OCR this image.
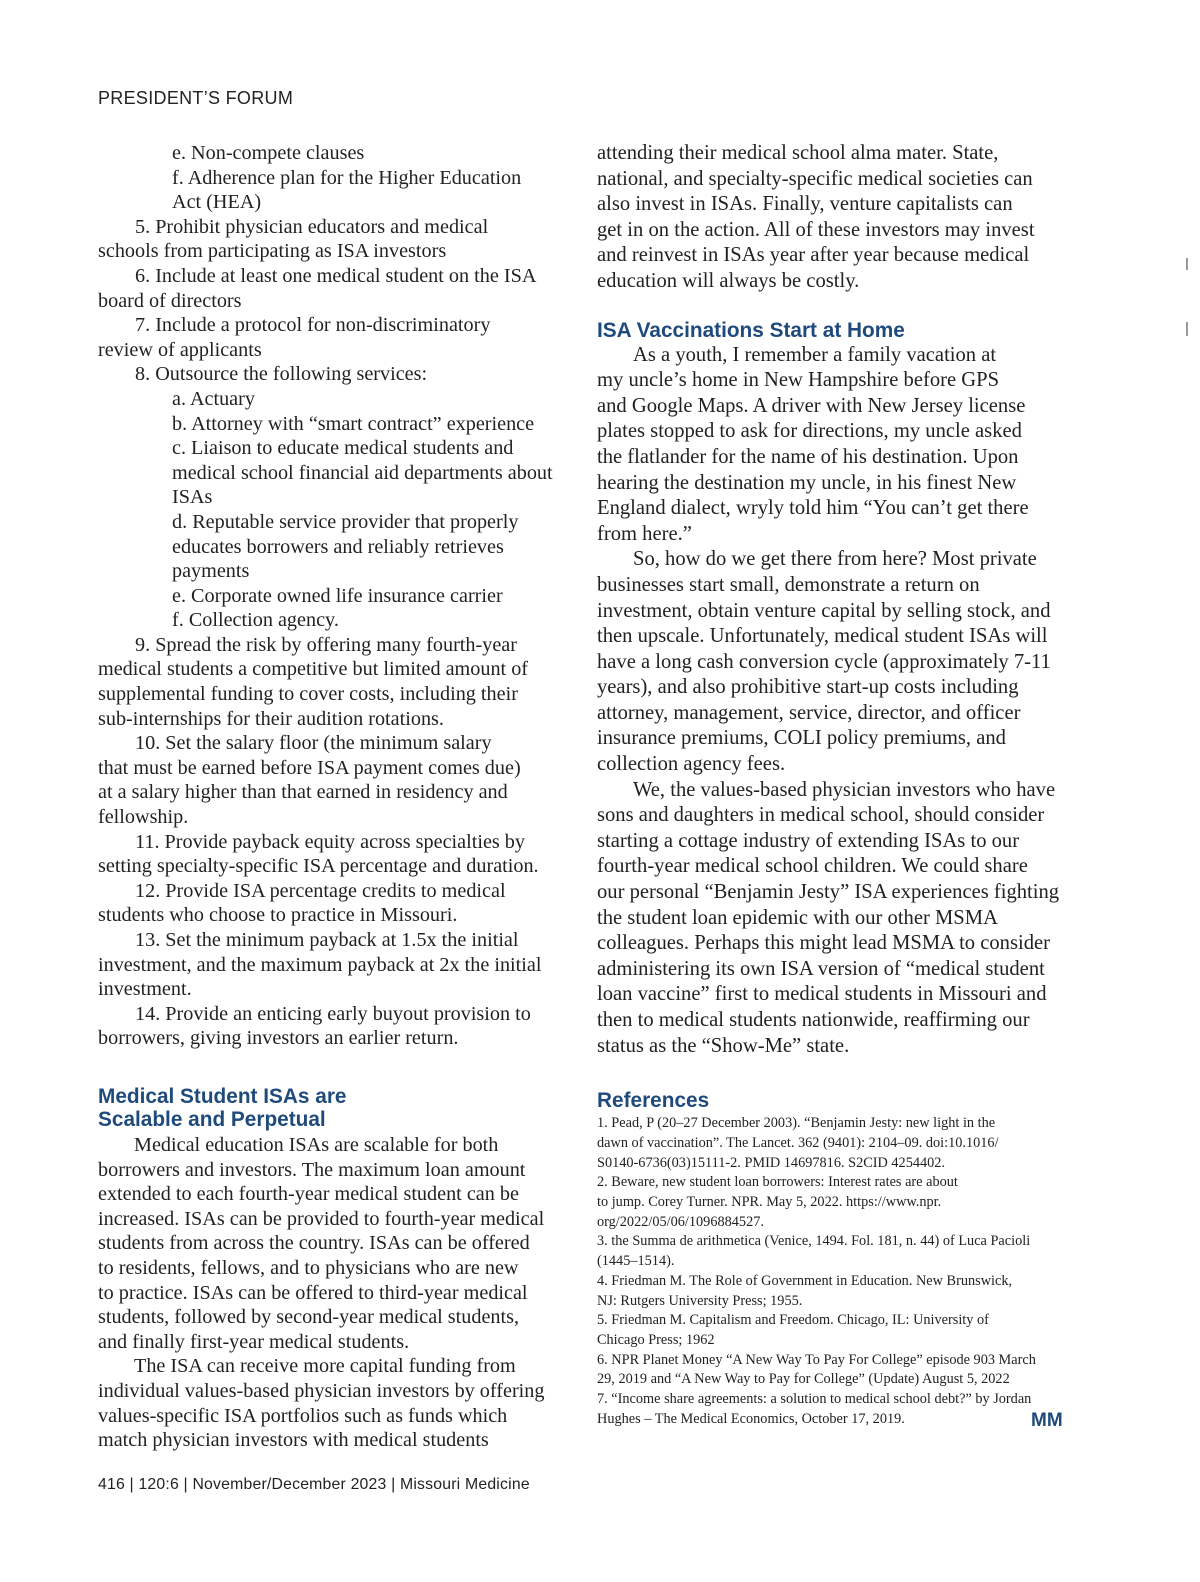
PRESIDENT’S FORUM

e. Non-compete clauses

f. Adherence plan for the Higher Education

Act (HEA)

5. Prohibit physician educators and medical

schools from participating as ISA investors

6. Include at least one medical student on the ISA

board of directors

7. Include a protocol for non-discriminatory

review of applicants

8. Outsource the following services:

a. Actuary

b. Attorney with “smart contract” experience

c. Liaison to educate medical students and

medical school financial aid departments about

ISAs

d. Reputable service provider that properly

educates borrowers and reliably retrieves

payments

e. Corporate owned life insurance carrier

f. Collection agency.

9. Spread the risk by offering many fourth-year

medical students a competitive but limited amount of

supplemental funding to cover costs, including their

sub-internships for their audition rotations.

10. Set the salary floor (the minimum salary

that must be earned before ISA payment comes due)

at a salary higher than that earned in residency and

fellowship.

11. Provide payback equity across specialties by

setting specialty-specific ISA percentage and duration.

12. Provide ISA percentage credits to medical

students who choose to practice in Missouri.

13. Set the minimum payback at 1.5x the initial

investment, and the maximum payback at 2x the initial

investment.

14. Provide an enticing early buyout provision to

borrowers, giving investors an earlier return.

Medical Student ISAs are
Scalable and Perpetual

Medical education ISAs are scalable for both

borrowers and investors. The maximum loan amount

extended to each fourth-year medical student can be

increased. ISAs can be provided to fourth-year medical

students from across the country. ISAs can be offered

to residents, fellows, and to physicians who are new

to practice. ISAs can be offered to third-year medical

students, followed by second-year medical students,

and finally first-year medical students.

The ISA can receive more capital funding from

individual values-based physician investors by offering

values-specific ISA portfolios such as funds which

match physician investors with medical students

attending their medical school alma mater. State,

national, and specialty-specific medical societies can

also invest in ISAs. Finally, venture capitalists can

get in on the action. All of these investors may invest

and reinvest in ISAs year after year because medical

education will always be costly.

ISA Vaccinations Start at Home

As a youth, I remember a family vacation at

my uncle’s home in New Hampshire before GPS

and Google Maps. A driver with New Jersey license

plates stopped to ask for directions, my uncle asked

the flatlander for the name of his destination. Upon

hearing the destination my uncle, in his finest New

England dialect, wryly told him “You can’t get there

from here.”

So, how do we get there from here? Most private

businesses start small, demonstrate a return on

investment, obtain venture capital by selling stock, and

then upscale. Unfortunately, medical student ISAs will

have a long cash conversion cycle (approximately 7-11

years), and also prohibitive start-up costs including

attorney, management, service, director, and officer

insurance premiums, COLI policy premiums, and

collection agency fees.

We, the values-based physician investors who have

sons and daughters in medical school, should consider

starting a cottage industry of extending ISAs to our

fourth-year medical school children. We could share

our personal “Benjamin Jesty” ISA experiences fighting

the student loan epidemic with our other MSMA

colleagues. Perhaps this might lead MSMA to consider

administering its own ISA version of “medical student

loan vaccine” first to medical students in Missouri and

then to medical students nationwide, reaffirming our

status as the “Show-Me” state.

References

1. Pead, P (20–27 December 2003). “Benjamin Jesty: new light in the

dawn of vaccination”. The Lancet. 362 (9401): 2104–09. doi:10.1016/

S0140-6736(03)15111-2. PMID 14697816. S2CID 4254402.

2. Beware, new student loan borrowers: Interest rates are about

to jump. Corey Turner. NPR. May 5, 2022. https://www.npr.

org/2022/05/06/1096884527.

3. the Summa de arithmetica (Venice, 1494. Fol. 181, n. 44) of Luca Pacioli

(1445–1514).

4. Friedman M. The Role of Government in Education. New Brunswick,

NJ: Rutgers University Press; 1955.

5. Friedman M. Capitalism and Freedom. Chicago, IL: University of

Chicago Press; 1962

6. NPR Planet Money “A New Way To Pay For College” episode 903 March

29, 2019 and “A New Way to Pay for College” (Update) August 5, 2022

7. “Income share agreements: a solution to medical school debt?” by Jordan

Hughes – The Medical Economics, October 17, 2019.	MM
416 | 120:6 | November/December 2023 | Missouri Medicine
